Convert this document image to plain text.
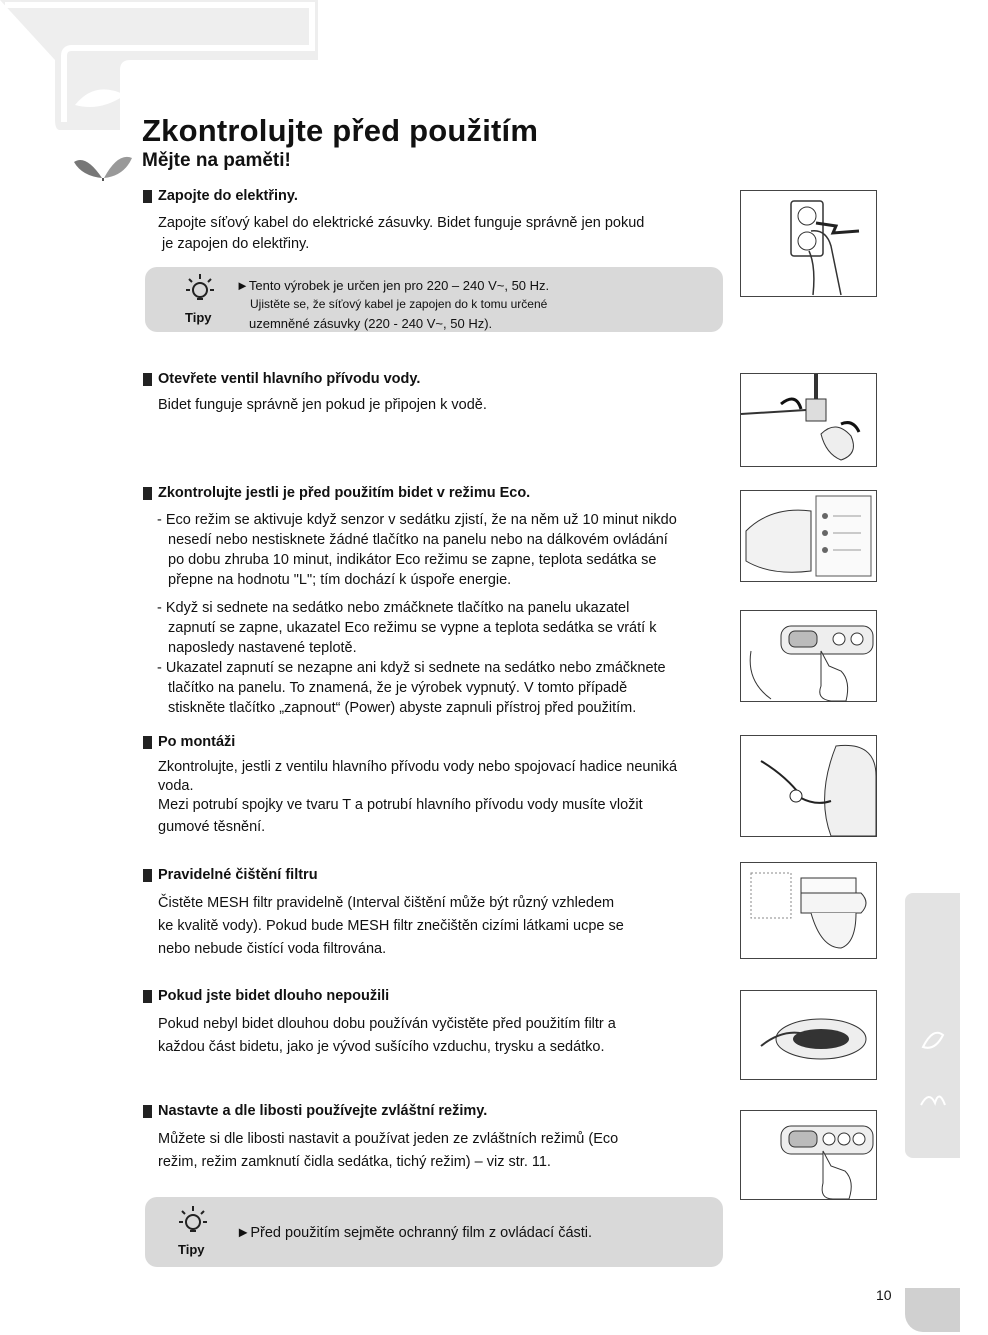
Zkontrolujte před použitím
Mějte na paměti!
Zapojte do elektřiny.
Zapojte síťový kabel do elektrické zásuvky. Bidet funguje správně jen pokud
je zapojen do elektřiny.
Tipy
►Tento výrobek je určen jen pro 220 – 240 V~, 50 Hz.
Ujistěte se, že síťový kabel je zapojen do k tomu určené
uzemněné zásuvky (220 - 240 V~, 50 Hz).
Otevřete ventil hlavního přívodu vody.
Bidet funguje správně jen pokud je připojen k vodě.
Zkontrolujte jestli je před použitím bidet v režimu Eco.
- Eco režim se aktivuje když senzor v sedátku zjistí, že na něm už 10 minut nikdo
nesedí nebo nestisknete žádné tlačítko na panelu nebo na dálkovém ovládání
po dobu zhruba 10 minut, indikátor Eco režimu se zapne, teplota sedátka se
přepne na hodnotu "L"; tím dochází k úspoře energie.
- Když si sednete na sedátko nebo zmáčknete tlačítko na panelu ukazatel
zapnutí se zapne, ukazatel Eco režimu se vypne a teplota sedátka se vrátí k
naposledy nastavené teplotě.
- Ukazatel zapnutí se nezapne ani když si sednete na sedátko nebo zmáčknete
tlačítko na panelu. To znamená, že je výrobek vypnutý. V tomto případě
stiskněte tlačítko „zapnout“ (Power) abyste zapnuli přístroj před použitím.
Po montáži
Zkontrolujte, jestli z ventilu hlavního přívodu vody nebo spojovací hadice neuniká
voda.
Mezi potrubí spojky ve tvaru T a potrubí hlavního přívodu vody musíte vložit
gumové těsnění.
Pravidelné čištění filtru
Čistěte MESH filtr pravidelně (Interval čištění může být různý vzhledem
ke kvalitě vody). Pokud bude MESH filtr znečištěn cizími látkami ucpe se
nebo nebude čistící voda filtrována.
Pokud jste bidet dlouho nepoužili
Pokud nebyl bidet dlouhou dobu používán vyčistěte před použitím filtr a
každou část bidetu, jako je vývod sušícího vzduchu, trysku a sedátko.
Nastavte a dle libosti používejte zvláštní režimy.
Můžete si dle libosti nastavit a používat jeden ze zvláštních režimů (Eco
režim, režim zamknutí čidla sedátka, tichý režim) – viz str. 11.
Tipy
►Před použitím sejměte ochranný film z ovládací části.
English
10
